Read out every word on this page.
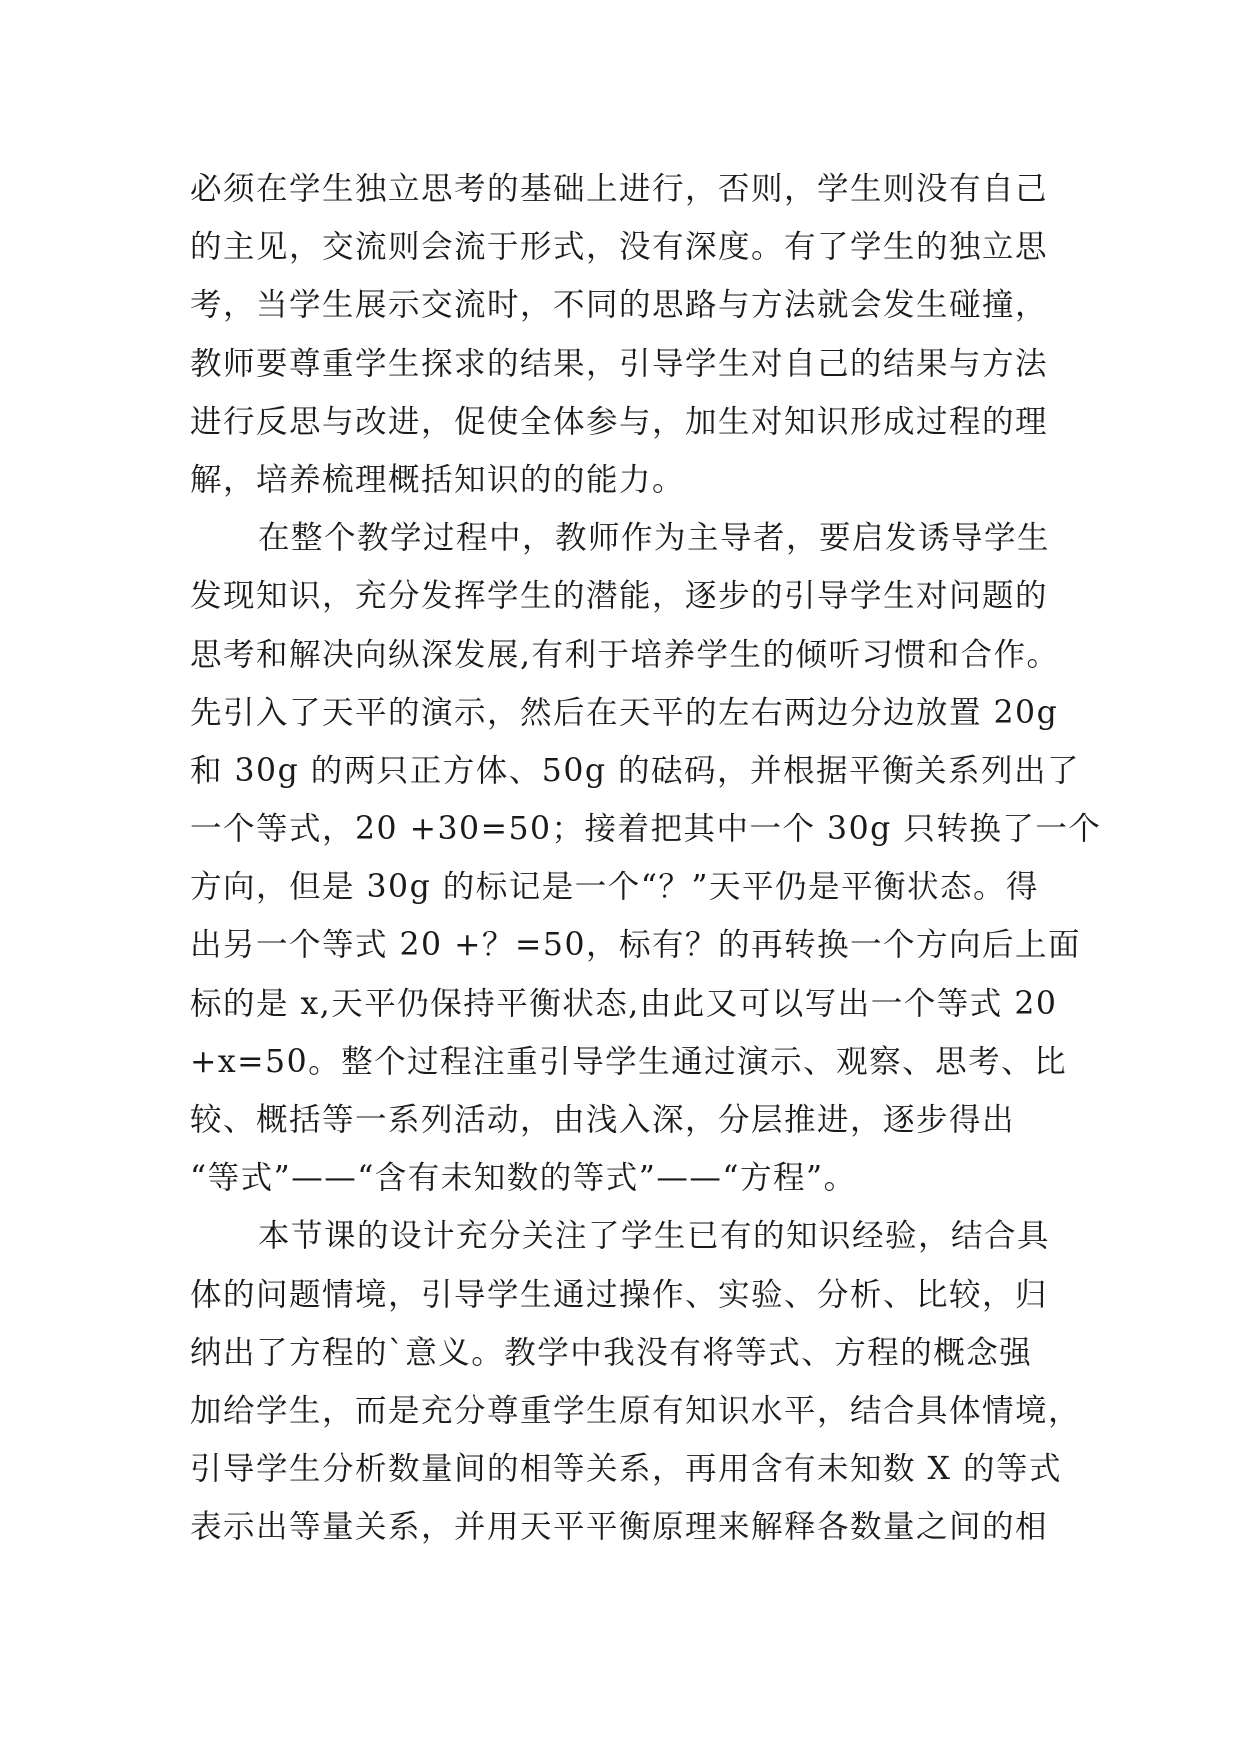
必须在学生独立思考的基础上进行，否则，学生则没有自己
的主见，交流则会流于形式，没有深度。有了学生的独立思
考，当学生展示交流时，不同的思路与方法就会发生碰撞，
教师要尊重学生探求的结果，引导学生对自己的结果与方法
进行反思与改进，促使全体参与，加生对知识形成过程的理
解，培养梳理概括知识的的能力。
在整个教学过程中，教师作为主导者，要启发诱导学生
发现知识，充分发挥学生的潜能，逐步的引导学生对问题的
思考和解决向纵深发展,有利于培养学生的倾听习惯和合作。
先引入了天平的演示，然后在天平的左右两边分边放置 20g
和 30g 的两只正方体、50g 的砝码，并根据平衡关系列出了
一个等式，20 +30=50；接着把其中一个 30g 只转换了一个
方向，但是 30g 的标记是一个“？”天平仍是平衡状态。得
出另一个等式 20 +？=50，标有？的再转换一个方向后上面
标的是 x,天平仍保持平衡状态,由此又可以写出一个等式 20
+x=50。整个过程注重引导学生通过演示、观察、思考、比
较、概括等一系列活动，由浅入深，分层推进，逐步得出
“等式”——“含有未知数的等式”——“方程”。
本节课的设计充分关注了学生已有的知识经验，结合具
体的问题情境，引导学生通过操作、实验、分析、比较，归
纳出了方程的`意义。教学中我没有将等式、方程的概念强
加给学生，而是充分尊重学生原有知识水平，结合具体情境，
引导学生分析数量间的相等关系，再用含有未知数 X 的等式
表示出等量关系，并用天平平衡原理来解释各数量之间的相
